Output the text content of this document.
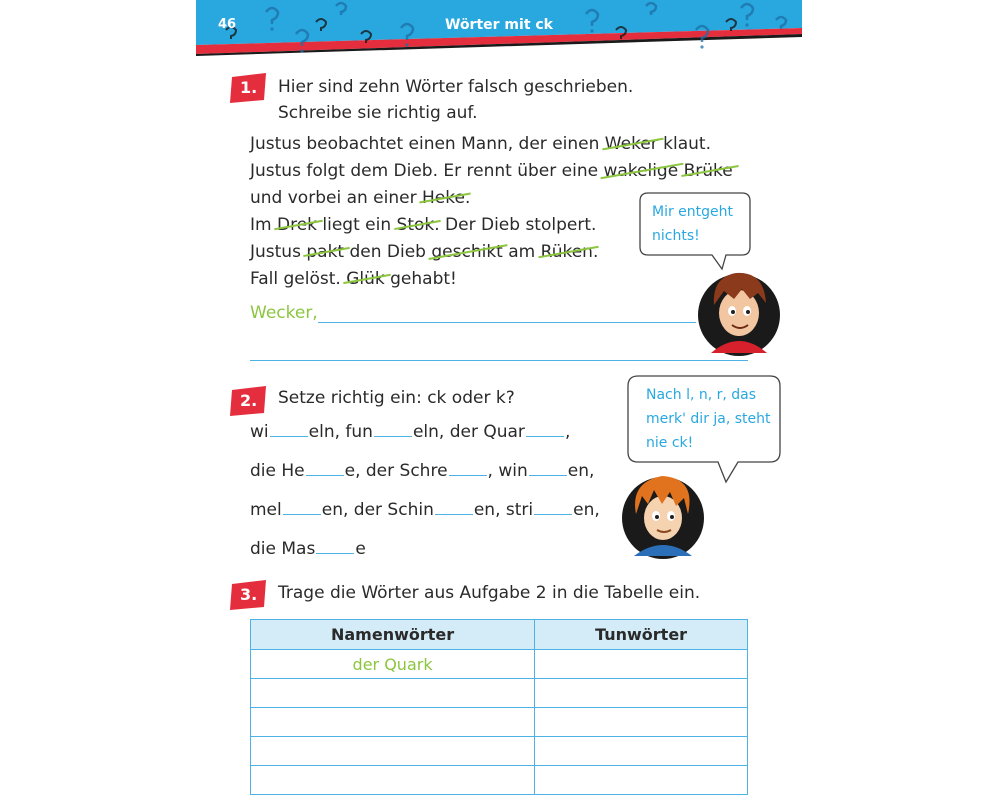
46	Wörter mit ck
1. Hier sind zehn Wörter falsch geschrieben.
Schreibe sie richtig auf.
Justus beobachtet einen Mann, der einen Weker klaut.
Justus folgt dem Dieb. Er rennt über eine wakelige Brüke
und vorbei an einer Heke.
Im Drek liegt ein Stok. Der Dieb stolpert.
Justus pakt den Dieb geschikt am Rüken.
Fall gelöst. Glük gehabt!
Wecker,
Mir entgeht
nichts!
2. Setze richtig ein: ck oder k?
wi eln, fun eln, der Quar ,
die He e, der Schre , win en,
mel en, der Schin en, stri en,
die Mas e
Nach l, n, r, das
merk' dir ja, steht
nie ck!
3. Trage die Wörter aus Aufgabe 2 in die Tabelle ein.
Namenwörter	Tunwörter
der Quark	
